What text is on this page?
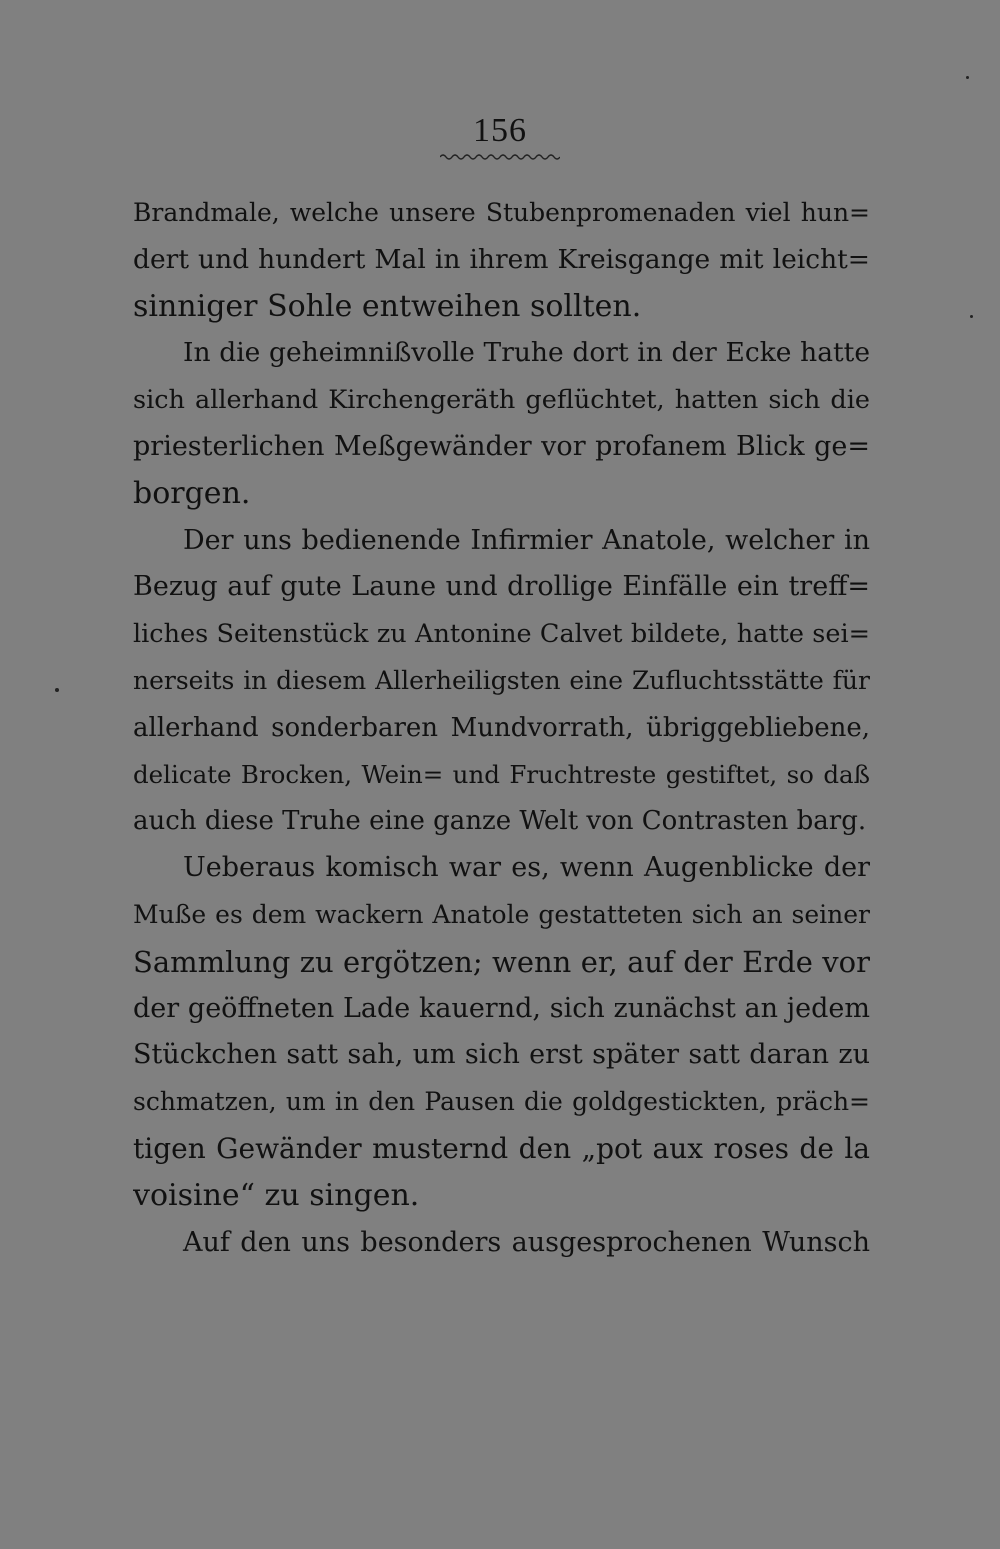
156
Brandmale, welche unsere Stubenpromenaden viel hun=
dert und hundert Mal in ihrem Kreisgange mit leicht=
sinniger Sohle entweihen sollten.
In die geheimnißvolle Truhe dort in der Ecke hatte
sich allerhand Kirchengeräth geflüchtet, hatten sich die
priesterlichen Meßgewänder vor profanem Blick ge=
borgen.
Der uns bedienende Infirmier Anatole, welcher in
Bezug auf gute Laune und drollige Einfälle ein treff=
liches Seitenstück zu Antonine Calvet bildete, hatte sei=
nerseits in diesem Allerheiligsten eine Zufluchtsstätte für
allerhand sonderbaren Mundvorrath, übriggebliebene,
delicate Brocken, Wein= und Fruchtreste gestiftet, so daß
auch diese Truhe eine ganze Welt von Contrasten barg.
Ueberaus komisch war es, wenn Augenblicke der
Muße es dem wackern Anatole gestatteten sich an seiner
Sammlung zu ergötzen; wenn er, auf der Erde vor
der geöffneten Lade kauernd, sich zunächst an jedem
Stückchen satt sah, um sich erst später satt daran zu
schmatzen, um in den Pausen die goldgestickten, präch=
tigen Gewänder musternd den „pot aux roses de la
voisine“ zu singen.
Auf den uns besonders ausgesprochenen Wunsch
